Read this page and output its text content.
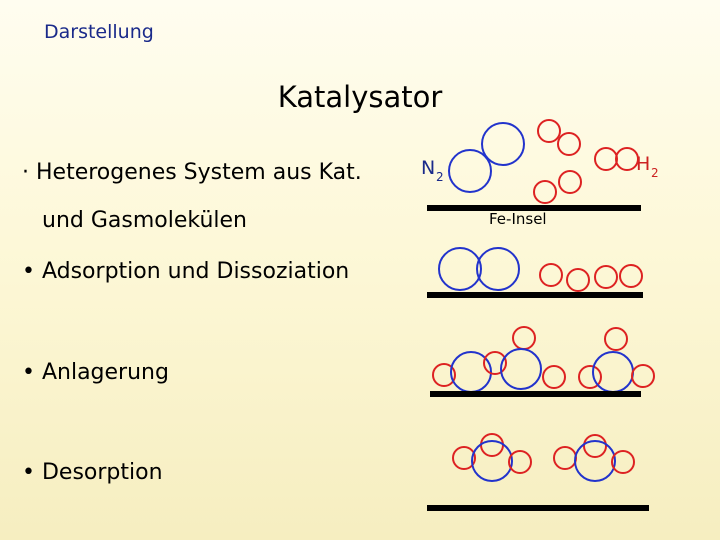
Darstellung
Katalysator
· Heterogenes System aus Kat.
und Gasmolekülen
• Adsorption und Dissoziation
• Anlagerung
• Desorption
N 2
H 2
Fe-Insel
